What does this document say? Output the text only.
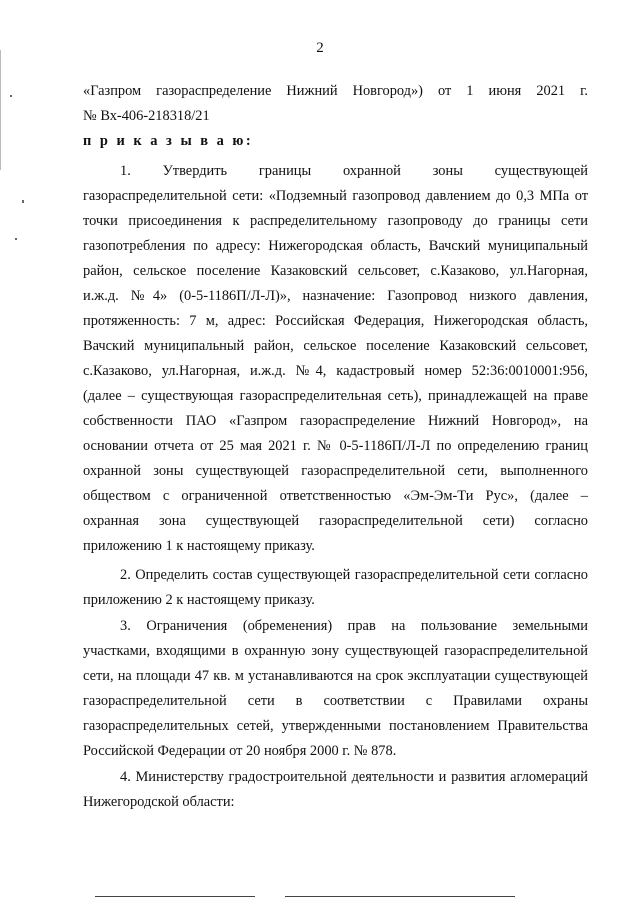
2
«Газпром газораспределение Нижний Новгород») от 1 июня 2021 г.
№ Вх-406-218318/21
п р и к а з ы в а ю:
1. Утвердить границы охранной зоны существующей
газораспределительной сети: «Подземный газопровод давлением до 0,3 МПа от
точки присоединения к распределительному газопроводу до границы сети
газопотребления по адресу: Нижегородская область, Вачский муниципальный
район, сельское поселение Казаковский сельсовет, с.Казаково, ул.Нагорная,
и.ж.д. №4» (0-5-1186П/Л-Л)», назначение: Газопровод низкого давления,
протяженность: 7 м, адрес: Российская Федерация, Нижегородская область,
Вачский муниципальный район, сельское поселение Казаковский сельсовет,
с.Казаково, ул.Нагорная, и.ж.д. №4, кадастровый номер 52:36:0010001:956,
(далее – существующая газораспределительная сеть), принадлежащей на праве
собственности ПАО «Газпром газораспределение Нижний Новгород», на
основании отчета от 25 мая 2021 г. № 0-5-1186П/Л-Л по определению границ
охранной зоны существующей газораспределительной сети, выполненного
обществом с ограниченной ответственностью «Эм-Эм-Ти Рус», (далее –
охранная зона существующей газораспределительной сети) согласно
приложению 1 к настоящему приказу.
2. Определить состав существующей газораспределительной сети согласно
приложению 2 к настоящему приказу.
3. Ограничения (обременения) прав на пользование земельными
участками, входящими в охранную зону существующей газораспределительной
сети, на площади 47 кв. м устанавливаются на срок эксплуатации существующей
газораспределительной сети в соответствии с Правилами охраны
газораспределительных сетей, утвержденными постановлением Правительства
Российской Федерации от 20 ноября 2000 г. № 878.
4. Министерству градостроительной деятельности и развития агломераций
Нижегородской области:
